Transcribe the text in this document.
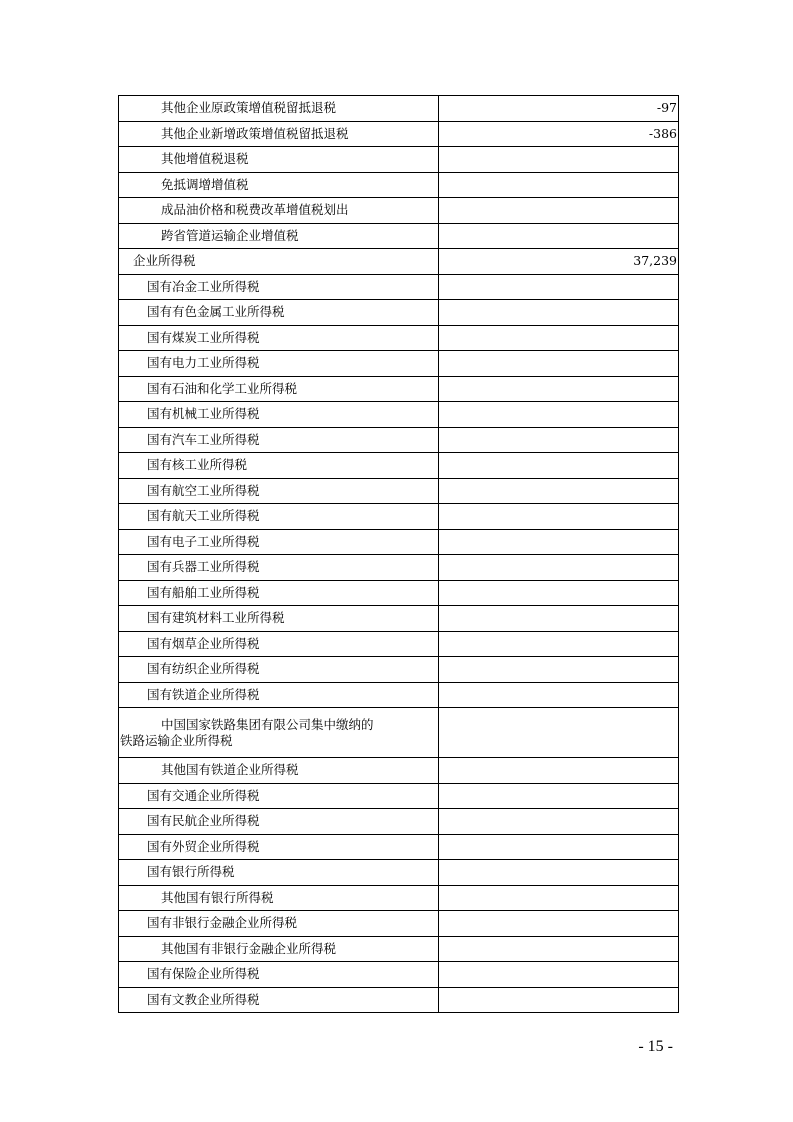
其他企业原政策增值税留抵退税	-97
其他企业新增政策增值税留抵退税	-386
其他增值税退税	
免抵调增增值税	
成品油价格和税费改革增值税划出	
跨省管道运输企业增值税	
企业所得税	37,239
国有冶金工业所得税	
国有有色金属工业所得税	
国有煤炭工业所得税	
国有电力工业所得税	
国有石油和化学工业所得税	
国有机械工业所得税	
国有汽车工业所得税	
国有核工业所得税	
国有航空工业所得税	
国有航天工业所得税	
国有电子工业所得税	
国有兵器工业所得税	
国有船舶工业所得税	
国有建筑材料工业所得税	
国有烟草企业所得税	
国有纺织企业所得税	
国有铁道企业所得税	

中国国家铁路集团有限公司集中缴纳的
铁路运输企业所得税	

其他国有铁道企业所得税	
国有交通企业所得税	
国有民航企业所得税	
国有外贸企业所得税	
国有银行所得税	
其他国有银行所得税	
国有非银行金融企业所得税	
其他国有非银行金融企业所得税	
国有保险企业所得税	
国有文教企业所得税	
- 15 -
